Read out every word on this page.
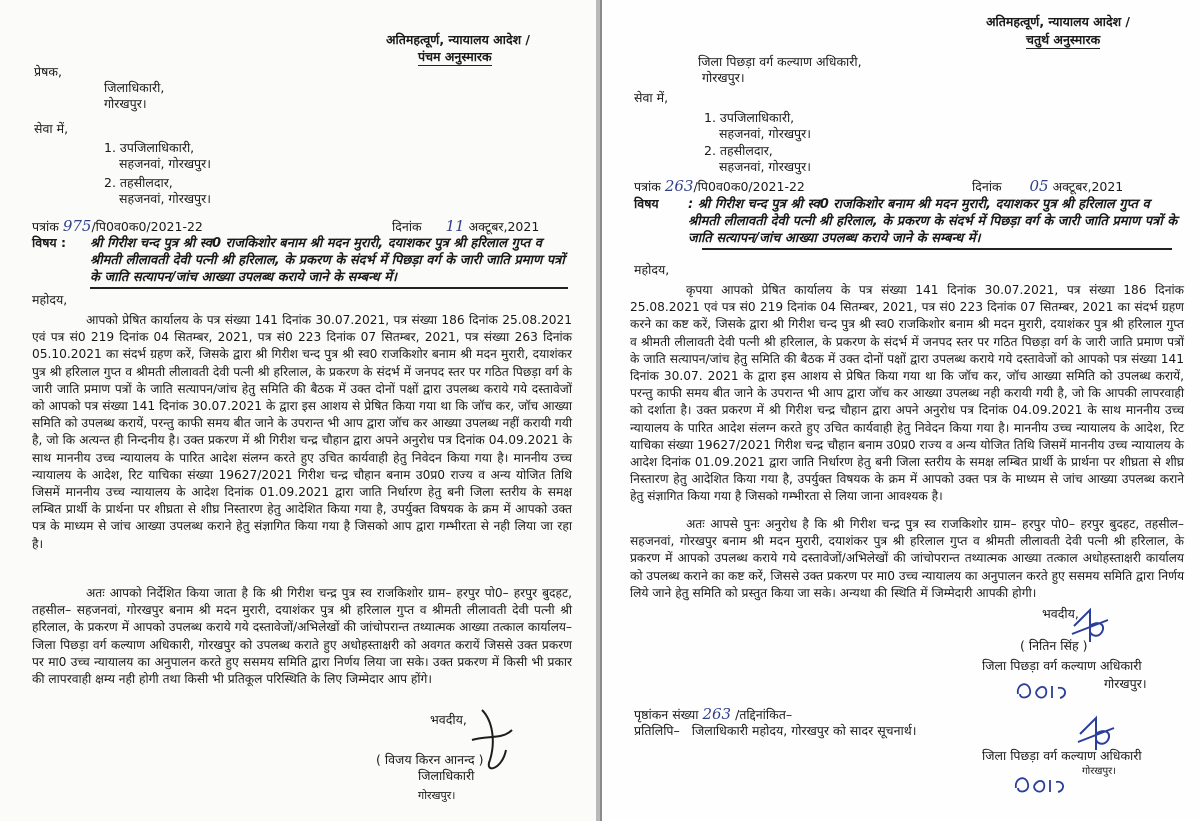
अतिमहत्वूर्ण, न्यायालय आदेश /

पंचम अनुस्मारक

प्रेषक,

जिलाधिकारी,

गोरखपुर।

सेवा में,

1. उपजिलाधिकारी,

सहजनवां, गोरखपुर।

2. तहसीलदार,

सहजनवां, गोरखपुर।

पत्रांक 975/पि0व0क0/2021-22	दिनांक 11 अक्टूबर,2021

विषय : श्री गिरीश चन्द पुत्र श्री स्व0 राजकिशोर बनाम श्री मदन मुरारी, दयाशकर पुत्र श्री हरिलाल गुप्त व श्रीमती लीलावती देवी पत्नी श्री हरिलाल, के प्रकरण के संदर्भ में पिछड़ा वर्ग के जारी जाति प्रमाण पत्रों के जाति सत्यापन/जांच आख्या उपलब्ध कराये जाने के सम्बन्ध में।

महोदय,

आपको प्रेषित कार्यालय के पत्र संख्या 141 दिनांक 30.07.2021, पत्र संख्या 186 दिनांक 25.08.2021 एवं पत्र सं0 219 दिनांक 04 सितम्बर, 2021, पत्र सं0 223 दिनांक 07 सितम्बर, 2021, पत्र संख्या 263 दिनांक 05.10.2021 का संदर्भ ग्रहण करें, जिसके द्वारा श्री गिरीश चन्द पुत्र श्री स्व0 राजकिशोर बनाम श्री मदन मुरारी, दयाशंकर पुत्र श्री हरिलाल गुप्त व श्रीमती लीलावती देवी पत्नी श्री हरिलाल, के प्रकरण के संदर्भ में जनपद स्तर पर गठित पिछड़ा वर्ग के जारी जाति प्रमाण पत्रों के जाति सत्यापन/जांच हेतु समिति की बैठक में उक्त दोनों पक्षों द्वारा उपलब्ध कराये गये दस्तावेजों को आपको पत्र संख्या 141 दिनांक 30.07.2021 के द्वारा इस आशय से प्रेषित किया गया था कि जॉच कर, जॉच आख्या समिति को उपलब्ध करायें, परन्तु काफी समय बीत जाने के उपरान्त भी आप द्वारा जॉच कर आख्या उपलब्ध नहीं करायी गयी है, जो कि अत्यन्त ही निन्दनीय है। उक्त प्रकरण में श्री गिरीश चन्द्र चौहान द्वारा अपने अनुरोध पत्र दिनांक 04.09.2021 के साथ माननीय उच्च न्यायालय के पारित आदेश संलग्न करते हुए उचित कार्यवाही हेतु निवेदन किया गया है। माननीय उच्च न्यायालय के आदेश, रिट याचिका संख्या 19627/2021 गिरीश चन्द्र चौहान बनाम उ0प्र0 राज्य व अन्य योजित तिथि जिसमें माननीय उच्च न्यायालय के आदेश दिनांक 01.09.2021 द्वारा जाति निर्धारण हेतु बनी जिला स्तरीय के समक्ष लम्बित प्रार्थी के प्रार्थना पर शीघ्रता से शीघ्र निस्तारण हेतु आदेशित किया गया है, उपर्युक्त विषयक के क्रम में आपको उक्त पत्र के माध्यम से जांच आख्या उपलब्ध कराने हेतु संज्ञागित किया गया है जिसको आप द्वारा गम्भीरता से नही लिया जा रहा है।

अतः आपको निर्देशित किया जाता है कि श्री गिरीश चन्द्र पुत्र स्व राजकिशोर ग्राम– हरपुर पो0– हरपुर बुदहट, तहसील– सहजनवां, गोरखपुर बनाम श्री मदन मुरारी, दयाशंकर पुत्र श्री हरिलाल गुप्त व श्रीमती लीलावती देवी पत्नी श्री हरिलाल, के प्रकरण में आपको उपलब्ध कराये गये दस्तावेजों/अभिलेखों की जांचोपरान्त तथ्यात्मक आख्या तत्काल कार्यालय– जिला पिछड़ा वर्ग कल्याण अधिकारी, गोरखपुर को उपलब्ध कराते हुए अधोहस्ताक्षरी को अवगत करायें जिससे उक्त प्रकरण पर मा0 उच्च न्यायालय का अनुपालन करते हुए ससमय समिति द्वारा निर्णय लिया जा सके। उक्त प्रकरण में किसी भी प्रकार की लापरवाही क्षम्य नही होगी तथा किसी भी प्रतिकूल परिस्थिति के लिए जिम्मेदार आप होंगे।

भवदीय,

( विजय किरन आनन्द )

जिलाधिकारी

गोरखपुर।

अतिमहत्वूर्ण, न्यायालय आदेश /

चतुर्थ अनुस्मारक

जिला पिछड़ा वर्ग कल्याण अधिकारी,

गोरखपुर।

सेवा में,

1. उपजिलाधिकारी,

सहजनवां, गोरखपुर।

2. तहसीलदार,

सहजनवां, गोरखपुर।

पत्रांक 263/पि0व0क0/2021-22	दिनांक 05 अक्टूबर,2021

विषय : श्री गिरीश चन्द पुत्र श्री स्व0 राजकिशोर बनाम श्री मदन मुरारी, दयाशकर पुत्र श्री हरिलाल गुप्त व श्रीमती लीलावती देवी पत्नी श्री हरिलाल, के प्रकरण के संदर्भ में पिछड़ा वर्ग के जारी जाति प्रमाण पत्रों के जाति सत्यापन/जांच आख्या उपलब्ध कराये जाने के सम्बन्ध में।

महोदय,

कृपया आपको प्रेषित कार्यालय के पत्र संख्या 141 दिनांक 30.07.2021, पत्र संख्या 186 दिनांक 25.08.2021 एवं पत्र सं0 219 दिनांक 04 सितम्बर, 2021, पत्र सं0 223 दिनांक 07 सितम्बर, 2021 का संदर्भ ग्रहण करने का कष्ट करें, जिसके द्वारा श्री गिरीश चन्द पुत्र श्री स्व0 राजकिशोर बनाम श्री मदन मुरारी, दयाशंकर पुत्र श्री हरिलाल गुप्त व श्रीमती लीलावती देवी पत्नी श्री हरिलाल, के प्रकरण के संदर्भ में जनपद स्तर पर गठित पिछड़ा वर्ग के जारी जाति प्रमाण पत्रों के जाति सत्यापन/जांच हेतु समिति की बैठक में उक्त दोनों पक्षों द्वारा उपलब्ध कराये गये दस्तावेजों को आपको पत्र संख्या 141 दिनांक 30.07. 2021 के द्वारा इस आशय से प्रेषित किया गया था कि जॉच कर, जॉच आख्या समिति को उपलब्ध करायें, परन्तु काफी समय बीत जाने के उपरान्त भी आप द्वारा जॉच कर आख्या उपलब्ध नही करायी गयी है, जो कि आपकी लापरवाही को दर्शाता है। उक्त प्रकरण में श्री गिरीश चन्द्र चौहान द्वारा अपने अनुरोध पत्र दिनांक 04.09.2021 के साथ माननीय उच्च न्यायालय के पारित आदेश संलग्न करते हुए उचित कार्यवाही हेतु निवेदन किया गया है। माननीय उच्च न्यायालय के आदेश, रिट याचिका संख्या 19627/2021 गिरीश चन्द्र चौहान बनाम उ0प्र0 राज्य व अन्य योजित तिथि जिसमें माननीय उच्च न्यायालय के आदेश दिनांक 01.09.2021 द्वारा जाति निर्धारण हेतु बनी जिला स्तरीय के समक्ष लम्बित प्रार्थी के प्रार्थना पर शीघ्रता से शीघ्र निस्तारण हेतु आदेशित किया गया है, उपर्युक्त विषयक के क्रम में आपको उक्त पत्र के माध्यम से जांच आख्या उपलब्ध कराने हेतु संज्ञागित किया गया है जिसको गम्भीरता से लिया जाना आवश्यक है।

अतः आपसे पुनः अनुरोध है कि श्री गिरीश चन्द्र पुत्र स्व राजकिशोर ग्राम– हरपुर पो0– हरपुर बुदहट, तहसील– सहजनवां, गोरखपुर बनाम श्री मदन मुरारी, दयाशंकर पुत्र श्री हरिलाल गुप्त व श्रीमती लीलावती देवी पत्नी श्री हरिलाल, के प्रकरण में आपको उपलब्ध कराये गये दस्तावेजों/अभिलेखों की जांचोपरान्त तथ्यात्मक आख्या तत्काल अधोहस्ताक्षरी कार्यालय को उपलब्ध कराने का कष्ट करें, जिससे उक्त प्रकरण पर मा0 उच्च न्यायालय का अनुपालन करते हुए ससमय समिति द्वारा निर्णय लिये जाने हेतु समिति को प्रस्तुत किया जा सके। अन्यथा की स्थिति में जिम्मेदारी आपकी होगी।

भवदीय,

( नितिन सिंह )

जिला पिछड़ा वर्ग कल्याण अधिकारी

गोरखपुर।

पृष्ठांकन संख्या 263 /तद्दिनांकित–

प्रतिलिपि– जिलाधिकारी महोदय, गोरखपुर को सादर सूचनार्थ।

जिला पिछड़ा वर्ग कल्याण अधिकारी

गोरखपुर।
